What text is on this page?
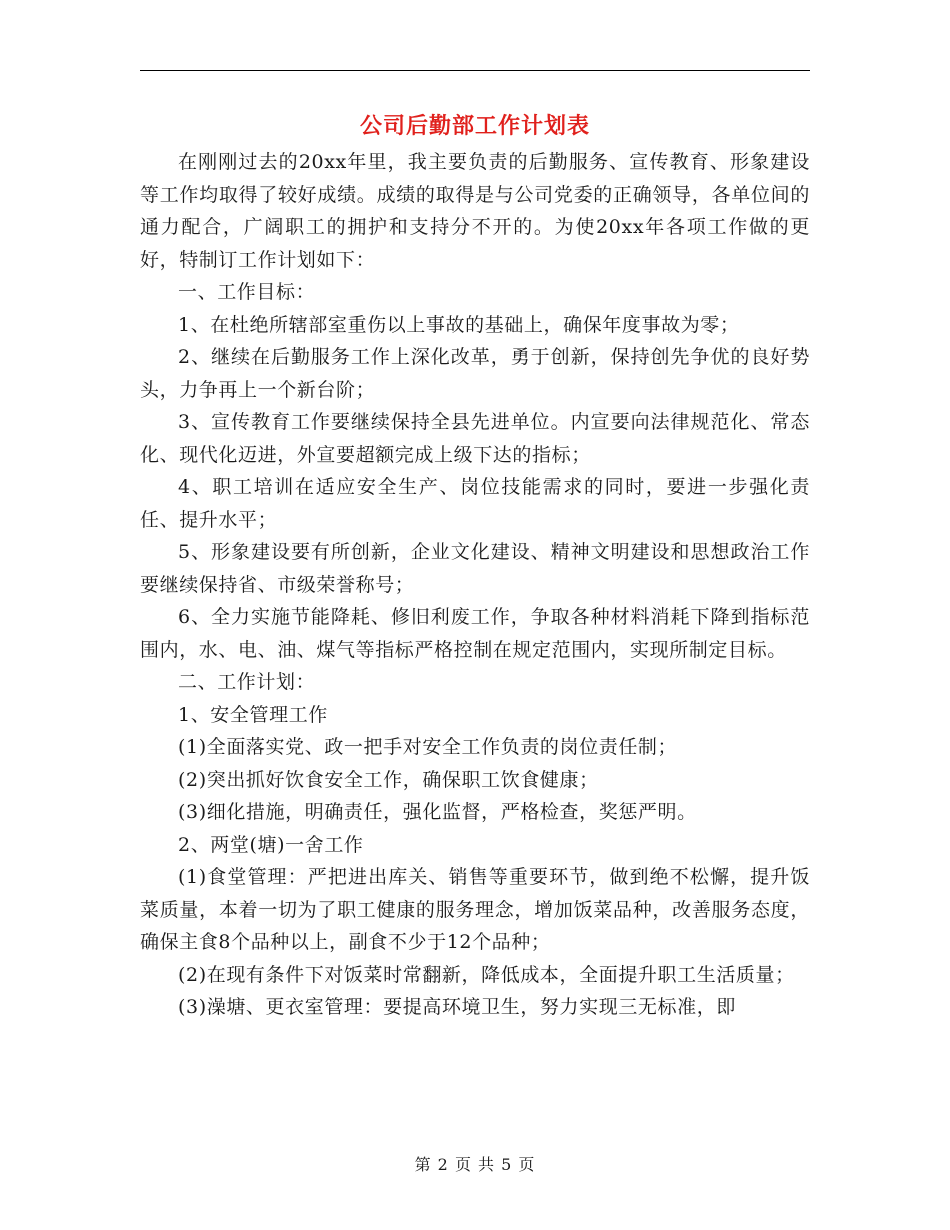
公司后勤部工作计划表

在刚刚过去的20xx年里，我主要负责的后勤服务、宣传教育、形象建设等工作均取得了较好成绩。成绩的取得是与公司党委的正确领导，各单位间的通力配合，广阔职工的拥护和支持分不开的。为使20xx年各项工作做的更好，特制订工作计划如下：

一、工作目标：

1、在杜绝所辖部室重伤以上事故的基础上，确保年度事故为零；

2、继续在后勤服务工作上深化改革，勇于创新，保持创先争优的良好势头，力争再上一个新台阶；

3、宣传教育工作要继续保持全县先进单位。内宣要向法律规范化、常态化、现代化迈进，外宣要超额完成上级下达的指标；

4、职工培训在适应安全生产、岗位技能需求的同时，要进一步强化责任、提升水平；

5、形象建设要有所创新，企业文化建设、精神文明建设和思想政治工作要继续保持省、市级荣誉称号；

6、全力实施节能降耗、修旧利废工作，争取各种材料消耗下降到指标范围内，水、电、油、煤气等指标严格控制在规定范围内，实现所制定目标。

二、工作计划：

1、安全管理工作

(1)全面落实党、政一把手对安全工作负责的岗位责任制；

(2)突出抓好饮食安全工作，确保职工饮食健康；

(3)细化措施，明确责任，强化监督，严格检查，奖惩严明。

2、两堂(塘)一舍工作

(1)食堂管理：严把进出库关、销售等重要环节，做到绝不松懈，提升饭菜质量，本着一切为了职工健康的服务理念，增加饭菜品种，改善服务态度，确保主食8个品种以上，副食不少于12个品种；

(2)在现有条件下对饭菜时常翻新，降低成本，全面提升职工生活质量；

(3)澡塘、更衣室管理：要提高环境卫生，努力实现三无标准，即

第 2 页 共 5 页
